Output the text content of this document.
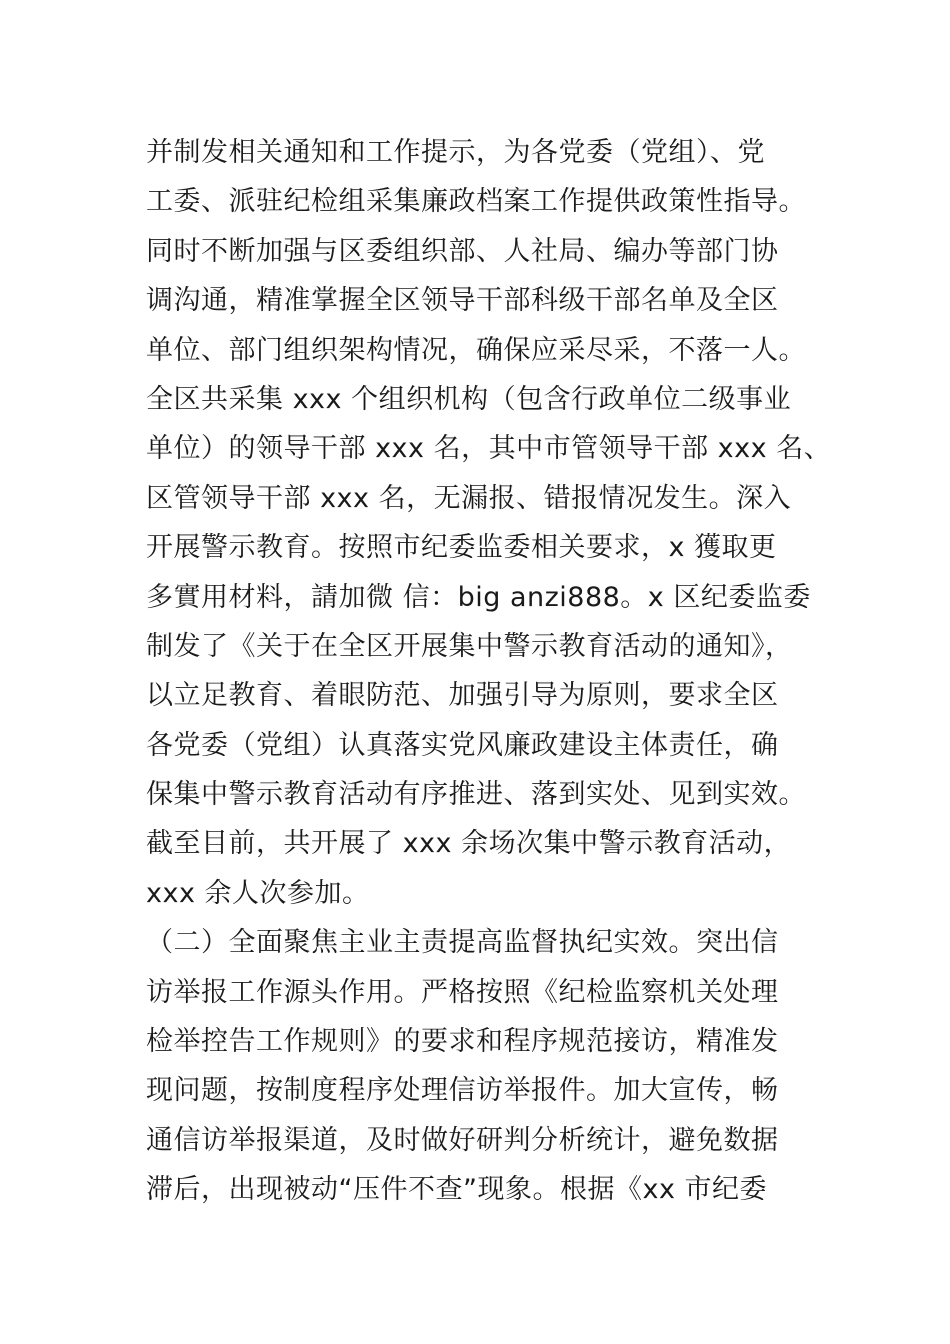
并制发相关通知和工作提示，为各党委（党组）、党
工委、派驻纪检组采集廉政档案工作提供政策性指导。
同时不断加强与区委组织部、人社局、编办等部门协
调沟通，精准掌握全区领导干部科级干部名单及全区
单位、部门组织架构情况，确保应采尽采，不落一人。
全区共采集 xxx 个组织机构（包含行政单位二级事业
单位）的领导干部 xxx 名，其中市管领导干部 xxx 名、
区管领导干部 xxx 名，无漏报、错报情况发生。深入
开展警示教育。按照市纪委监委相关要求，x 獲取更
多實用材料，請加微 信：big anzi888。x 区纪委监委
制发了《关于在全区开展集中警示教育活动的通知》，
以立足教育、着眼防范、加强引导为原则，要求全区
各党委（党组）认真落实党风廉政建设主体责任，确
保集中警示教育活动有序推进、落到实处、见到实效。
截至目前，共开展了 xxx 余场次集中警示教育活动，
xxx 余人次参加。
（二）全面聚焦主业主责提高监督执纪实效。突出信
访举报工作源头作用。严格按照《纪检监察机关处理
检举控告工作规则》的要求和程序规范接访，精准发
现问题，按制度程序处理信访举报件。加大宣传，畅
通信访举报渠道，及时做好研判分析统计，避免数据
滞后，出现被动“压件不查”现象。根据《xx 市纪委
